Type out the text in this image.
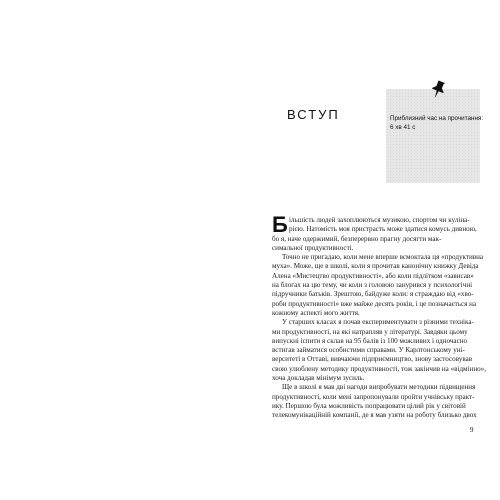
ВСТУП	Приблизний час на прочитання:
6 хв 41 с
Б ільшість людей захоплюються музикою, спортом чи куліна-
рією. Натомість моя пристрасть може здатися комусь дивною,
бо я, наче одержимий, безперервно прагну досягти мак-
симальної продуктивності.
Точно не пригадаю, коли мене вперше всмоктала ця «продуктивна
муха». Може, ще в школі, коли я прочитав канонічну книжку Девіда
Алена «Мистецтво продуктивності», або коли підлітком «зависав»
на блогах на цю тему, чи коли з головою занурився у психологічні
підручники батьків. Зрештою, байдуже коли: я страждаю від «хво-
роби продуктивності» вже майже десять років, і це позначається на
кожному аспекті мого життя.
У старших класах я почав експериментувати з різними техніка-
ми продуктивності, на які натрапляв у літературі. Завдяки цьому
випускні іспити я склав на 95 балів із 100 можливих і одночасно
встигав займатися особистими справами. У Карлтонському уні-
верситеті в Оттаві, вивчаючи підприємництво, знову застосовував
свою улюблену методику продуктивності, тож закінчив на «відмінно»,
хоча докладав мінімум зусиль.
Ще в школі я мав дві нагоди випробувати методики підвищення
продуктивності, коли мені запропонували пройти учнівську практ-
ику. Першою була можливість попрацювати цілий рік у світовій
телекомунікаційній компанії, де я мав узяти на роботу близько двох
9
